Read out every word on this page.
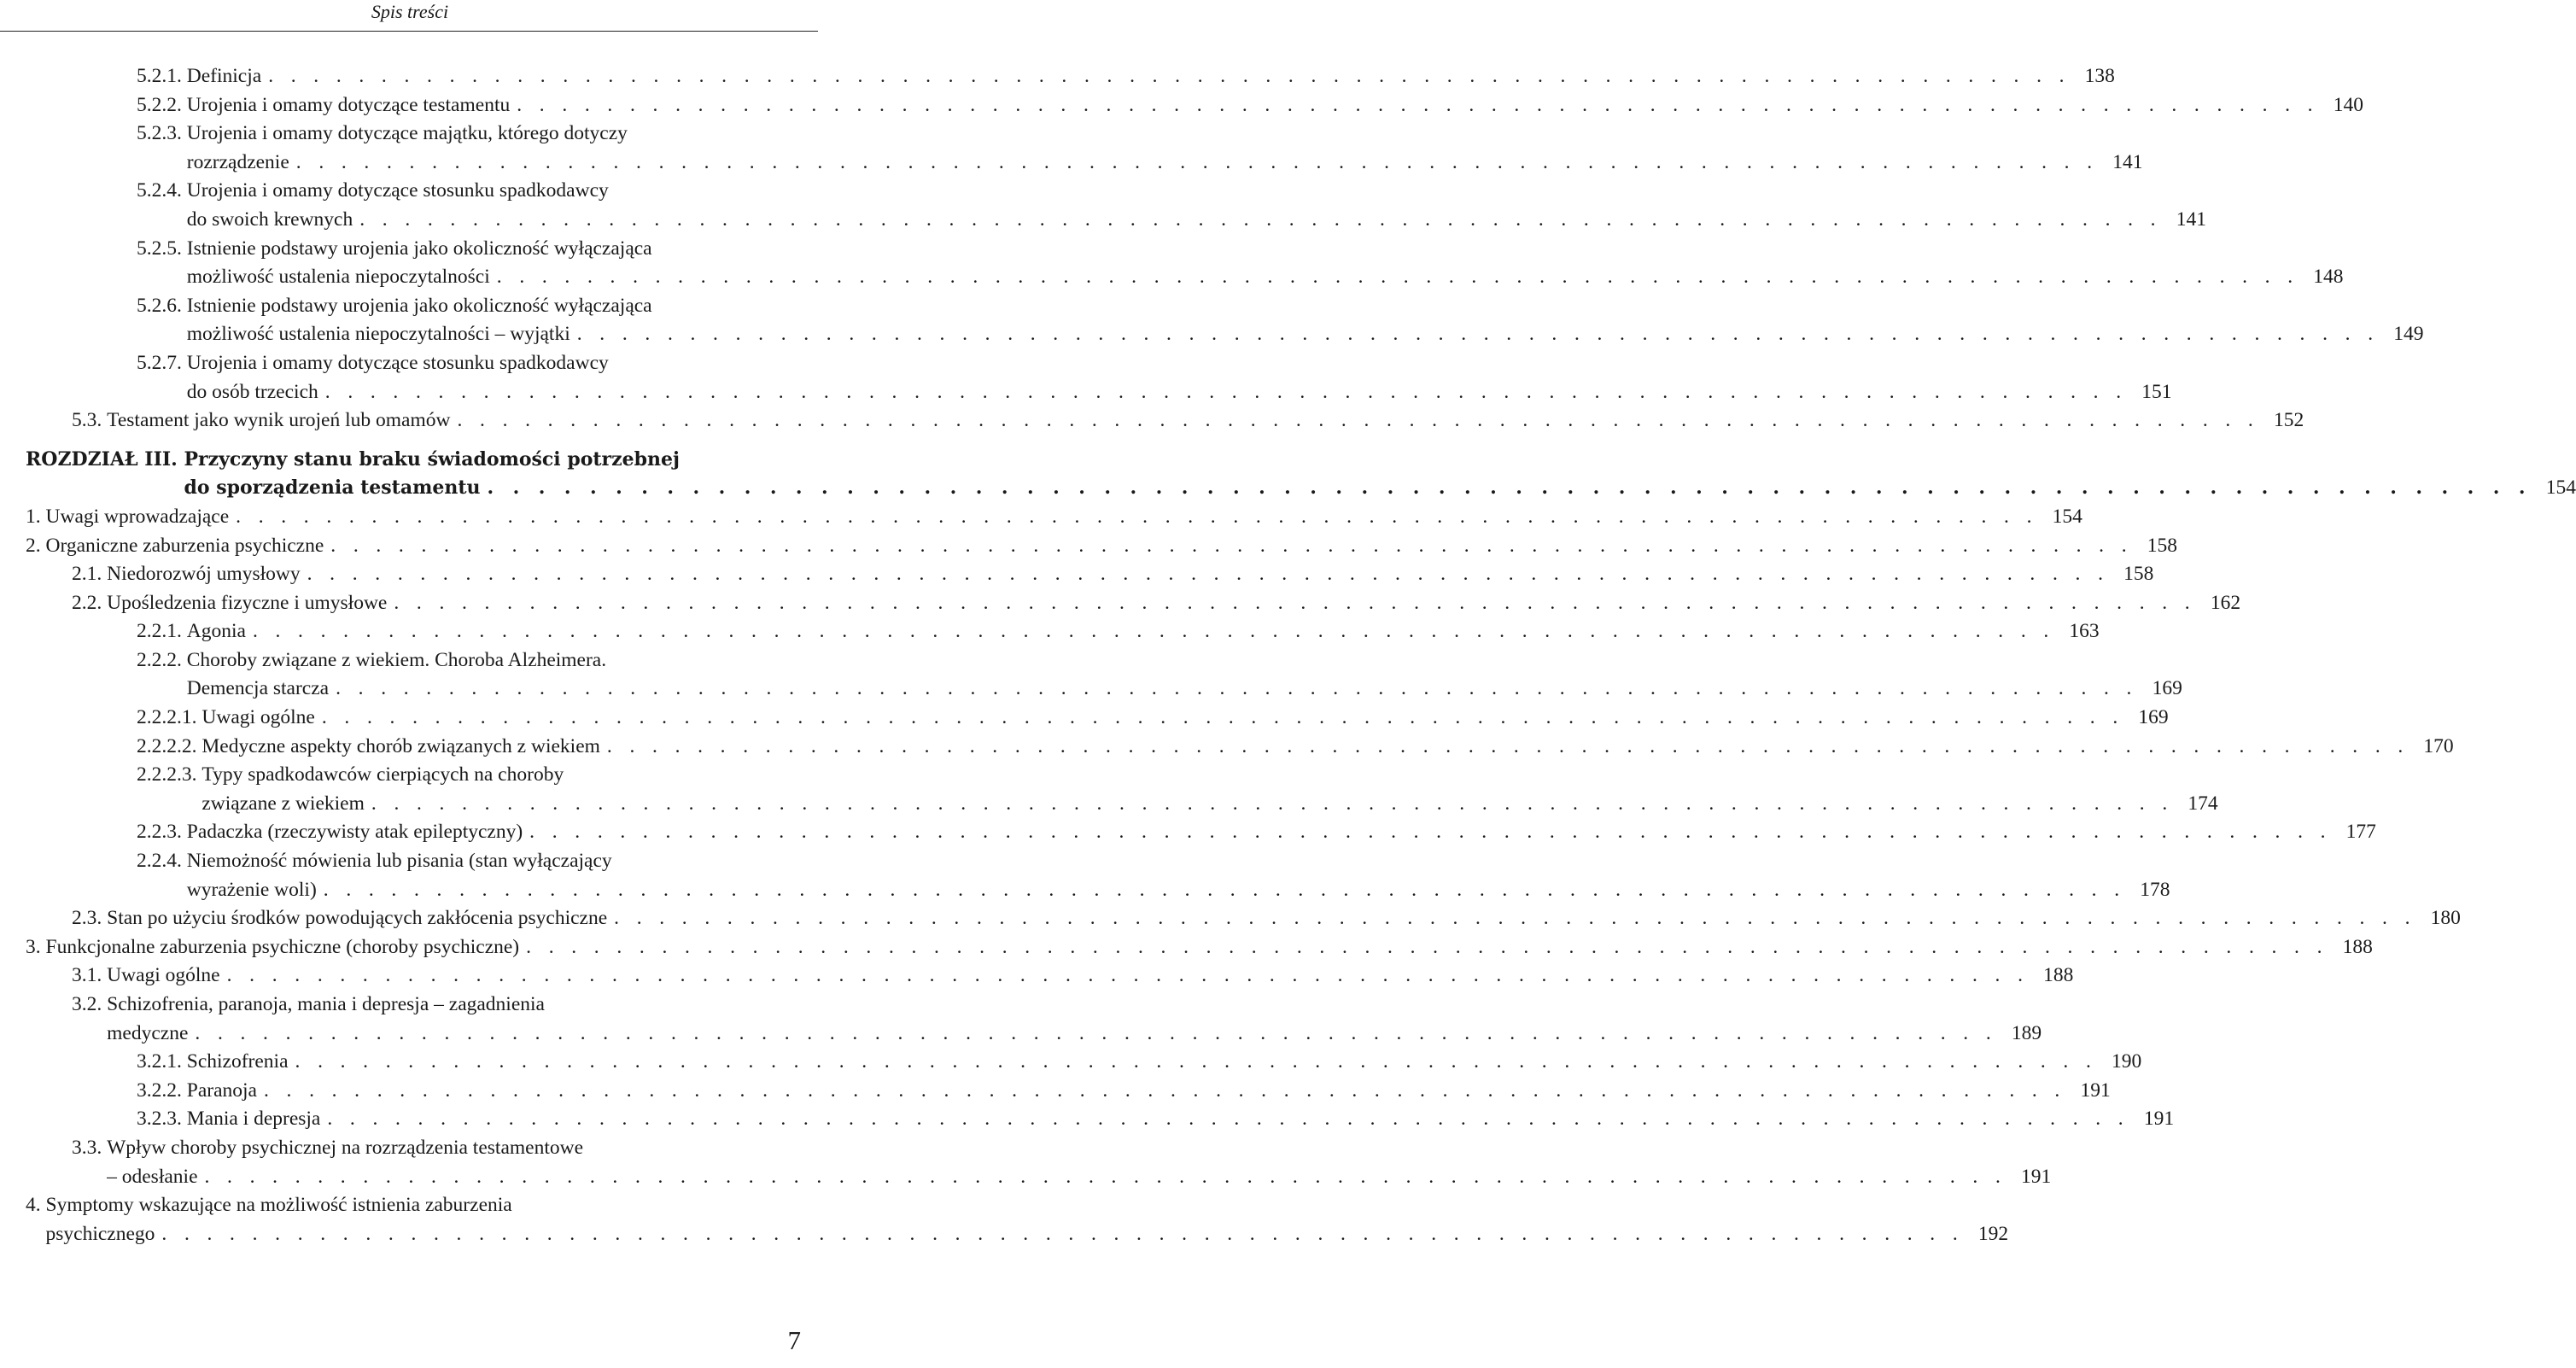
Spis treści
5.2.1. Definicja . . . . . . . . . . . . . . . . . . . . . . . . . . . . . . . . . . . . . . . . . . . . . . . . . . . . . . . . . . . . . . . . . . . . . . . . . . . . . . . . 138
5.2.2. Urojenia i omamy dotyczące testamentu . . . . . . . . . . . . . . . . . . . . . . . . . . . . . . . . . . . . . . . . . . . . . . . . . . . . . . . . . . . . . . . . . . . . . . . . . . . . . . . . 140
5.2.3. Urojenia i omamy dotyczące majątku, którego dotyczy
rozrządzenie . . . . . . . . . . . . . . . . . . . . . . . . . . . . . . . . . . . . . . . . . . . . . . . . . . . . . . . . . . . . . . . . . . . . . . . . . . . . . . . . 141
5.2.4. Urojenia i omamy dotyczące stosunku spadkodawcy
do swoich krewnych . . . . . . . . . . . . . . . . . . . . . . . . . . . . . . . . . . . . . . . . . . . . . . . . . . . . . . . . . . . . . . . . . . . . . . . . . . . . . . . . 141
5.2.5. Istnienie podstawy urojenia jako okoliczność wyłączająca
możliwość ustalenia niepoczytalności . . . . . . . . . . . . . . . . . . . . . . . . . . . . . . . . . . . . . . . . . . . . . . . . . . . . . . . . . . . . . . . . . . . . . . . . . . . . . . . . 148
5.2.6. Istnienie podstawy urojenia jako okoliczność wyłączająca
możliwość ustalenia niepoczytalności – wyjątki . . . . . . . . . . . . . . . . . . . . . . . . . . . . . . . . . . . . . . . . . . . . . . . . . . . . . . . . . . . . . . . . . . . . . . . . . . . . . . . . 149
5.2.7. Urojenia i omamy dotyczące stosunku spadkodawcy
do osób trzecich . . . . . . . . . . . . . . . . . . . . . . . . . . . . . . . . . . . . . . . . . . . . . . . . . . . . . . . . . . . . . . . . . . . . . . . . . . . . . . . . 151
5.3. Testament jako wynik urojeń lub omamów . . . . . . . . . . . . . . . . . . . . . . . . . . . . . . . . . . . . . . . . . . . . . . . . . . . . . . . . . . . . . . . . . . . . . . . . . . . . . . . . 152
ROZDZIAŁ III. Przyczyny stanu braku świadomości potrzebnej
do sporządzenia testamentu . . . . . . . . . . . . . . . . . . . . . . . . . . . . . . . . . . . . . . . . . . . . . . . . . . . . . . . . . . . . . . . . . . . . . . . . . . . . . . . . 154
1. Uwagi wprowadzające . . . . . . . . . . . . . . . . . . . . . . . . . . . . . . . . . . . . . . . . . . . . . . . . . . . . . . . . . . . . . . . . . . . . . . . . . . . . . . . . 154
2. Organiczne zaburzenia psychiczne . . . . . . . . . . . . . . . . . . . . . . . . . . . . . . . . . . . . . . . . . . . . . . . . . . . . . . . . . . . . . . . . . . . . . . . . . . . . . . . . 158
2.1. Niedorozwój umysłowy . . . . . . . . . . . . . . . . . . . . . . . . . . . . . . . . . . . . . . . . . . . . . . . . . . . . . . . . . . . . . . . . . . . . . . . . . . . . . . . . 158
2.2. Upośledzenia fizyczne i umysłowe . . . . . . . . . . . . . . . . . . . . . . . . . . . . . . . . . . . . . . . . . . . . . . . . . . . . . . . . . . . . . . . . . . . . . . . . . . . . . . . . 162
2.2.1. Agonia . . . . . . . . . . . . . . . . . . . . . . . . . . . . . . . . . . . . . . . . . . . . . . . . . . . . . . . . . . . . . . . . . . . . . . . . . . . . . . . . 163
2.2.2. Choroby związane z wiekiem. Choroba Alzheimera.
Demencja starcza . . . . . . . . . . . . . . . . . . . . . . . . . . . . . . . . . . . . . . . . . . . . . . . . . . . . . . . . . . . . . . . . . . . . . . . . . . . . . . . . 169
2.2.2.1. Uwagi ogólne . . . . . . . . . . . . . . . . . . . . . . . . . . . . . . . . . . . . . . . . . . . . . . . . . . . . . . . . . . . . . . . . . . . . . . . . . . . . . . . . 169
2.2.2.2. Medyczne aspekty chorób związanych z wiekiem . . . . . . . . . . . . . . . . . . . . . . . . . . . . . . . . . . . . . . . . . . . . . . . . . . . . . . . . . . . . . . . . . . . . . . . . . . . . . . . . 170
2.2.2.3. Typy spadkodawców cierpiących na choroby
związane z wiekiem . . . . . . . . . . . . . . . . . . . . . . . . . . . . . . . . . . . . . . . . . . . . . . . . . . . . . . . . . . . . . . . . . . . . . . . . . . . . . . . . 174
2.2.3. Padaczka (rzeczywisty atak epileptyczny) . . . . . . . . . . . . . . . . . . . . . . . . . . . . . . . . . . . . . . . . . . . . . . . . . . . . . . . . . . . . . . . . . . . . . . . . . . . . . . . . 177
2.2.4. Niemożność mówienia lub pisania (stan wyłączający
wyrażenie woli) . . . . . . . . . . . . . . . . . . . . . . . . . . . . . . . . . . . . . . . . . . . . . . . . . . . . . . . . . . . . . . . . . . . . . . . . . . . . . . . . 178
2.3. Stan po użyciu środków powodujących zakłócenia psychiczne . . . . . . . . . . . . . . . . . . . . . . . . . . . . . . . . . . . . . . . . . . . . . . . . . . . . . . . . . . . . . . . . . . . . . . . . . . . . . . . . 180
3. Funkcjonalne zaburzenia psychiczne (choroby psychiczne) . . . . . . . . . . . . . . . . . . . . . . . . . . . . . . . . . . . . . . . . . . . . . . . . . . . . . . . . . . . . . . . . . . . . . . . . . . . . . . . . 188
3.1. Uwagi ogólne . . . . . . . . . . . . . . . . . . . . . . . . . . . . . . . . . . . . . . . . . . . . . . . . . . . . . . . . . . . . . . . . . . . . . . . . . . . . . . . . 188
3.2. Schizofrenia, paranoja, mania i depresja – zagadnienia
medyczne . . . . . . . . . . . . . . . . . . . . . . . . . . . . . . . . . . . . . . . . . . . . . . . . . . . . . . . . . . . . . . . . . . . . . . . . . . . . . . . . 189
3.2.1. Schizofrenia . . . . . . . . . . . . . . . . . . . . . . . . . . . . . . . . . . . . . . . . . . . . . . . . . . . . . . . . . . . . . . . . . . . . . . . . . . . . . . . . 190
3.2.2. Paranoja . . . . . . . . . . . . . . . . . . . . . . . . . . . . . . . . . . . . . . . . . . . . . . . . . . . . . . . . . . . . . . . . . . . . . . . . . . . . . . . . 191
3.2.3. Mania i depresja . . . . . . . . . . . . . . . . . . . . . . . . . . . . . . . . . . . . . . . . . . . . . . . . . . . . . . . . . . . . . . . . . . . . . . . . . . . . . . . . 191
3.3. Wpływ choroby psychicznej na rozrządzenia testamentowe
– odesłanie . . . . . . . . . . . . . . . . . . . . . . . . . . . . . . . . . . . . . . . . . . . . . . . . . . . . . . . . . . . . . . . . . . . . . . . . . . . . . . . . 191
4. Symptomy wskazujące na możliwość istnienia zaburzenia
psychicznego . . . . . . . . . . . . . . . . . . . . . . . . . . . . . . . . . . . . . . . . . . . . . . . . . . . . . . . . . . . . . . . . . . . . . . . . . . . . . . . . 192
7
